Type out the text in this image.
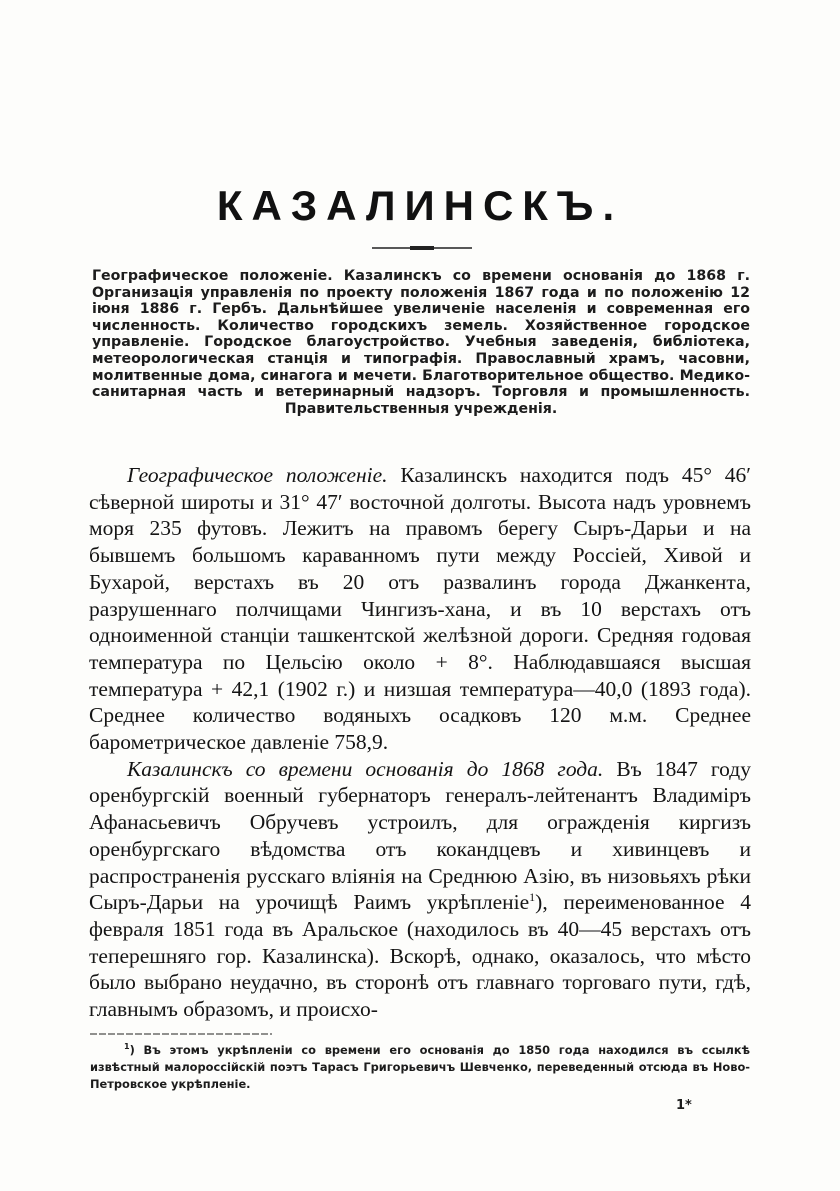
КАЗАЛИНСКЪ.
Географическое положеніе. Казалинскъ со времени основанія до 1868 г. Организація управленія по проекту положенія 1867 года и по положенію 12 іюня 1886 г. Гербъ. Дальнѣйшее увеличеніе населенія и современная его численность. Количество городскихъ земель. Хозяйственное городское управленіе. Городское благоустройство. Учебныя заведенія, библіотека, метеорологическая станція и типографія. Православный храмъ, часовни, молитвенные дома, синагога и мечети. Благотворительное общество. Медико-санитарная часть и ветеринарный надзоръ. Торговля и промышленность. Правительственныя учрежденія.

Географическое положеніе. Казалинскъ находится подъ 45° 46′ сѣверной широты и 31° 47′ восточной долготы. Высота надъ уровнемъ моря 235 футовъ. Лежитъ на правомъ берегу Сыръ-Дарьи и на бывшемъ большомъ караванномъ пути между Россіей, Хивой и Бухарой, верстахъ въ 20 отъ развалинъ города Джанкента, разрушеннаго полчищами Чингизъ-хана, и въ 10 верстахъ отъ одноименной станціи ташкентской желѣзной дороги. Средняя годовая температура по Цельсію около + 8°. Наблюдавшаяся высшая температура + 42,1 (1902 г.) и низшая температура—40,0 (1893 года). Среднее количество водяныхъ осадковъ 120 м.м. Среднее барометрическое давленіе 758,9.

Казалинскъ со времени основанія до 1868 года. Въ 1847 году оренбургскій военный губернаторъ генералъ-лейтенантъ Владиміръ Афанасьевичъ Обручевъ устроилъ, для огражденія киргизъ оренбургскаго вѣдомства отъ кокандцевъ и хивинцевъ и распространенія русскаго вліянія на Среднюю Азію, въ низовьяхъ рѣки Сыръ-Дарьи на урочищѣ Раимъ укрѣпленіе$^1$), переименованное 4 февраля 1851 года въ Аральское (находилось въ 40—45 верстахъ отъ теперешняго гор. Казалинска). Вскорѣ, однако, оказалось, что мѣсто было выбрано неудачно, въ сторонѣ отъ главнаго торговаго пути, гдѣ, главнымъ образомъ, и происхо-

$^1$) Въ этомъ укрѣпленіи со времени его основанія до 1850 года находился въ ссылкѣ извѣстный малороссійскій поэтъ Тарасъ Григорьевичъ Шевченко, переведенный отсюда въ Ново-Петровское укрѣпленіе.
1*
